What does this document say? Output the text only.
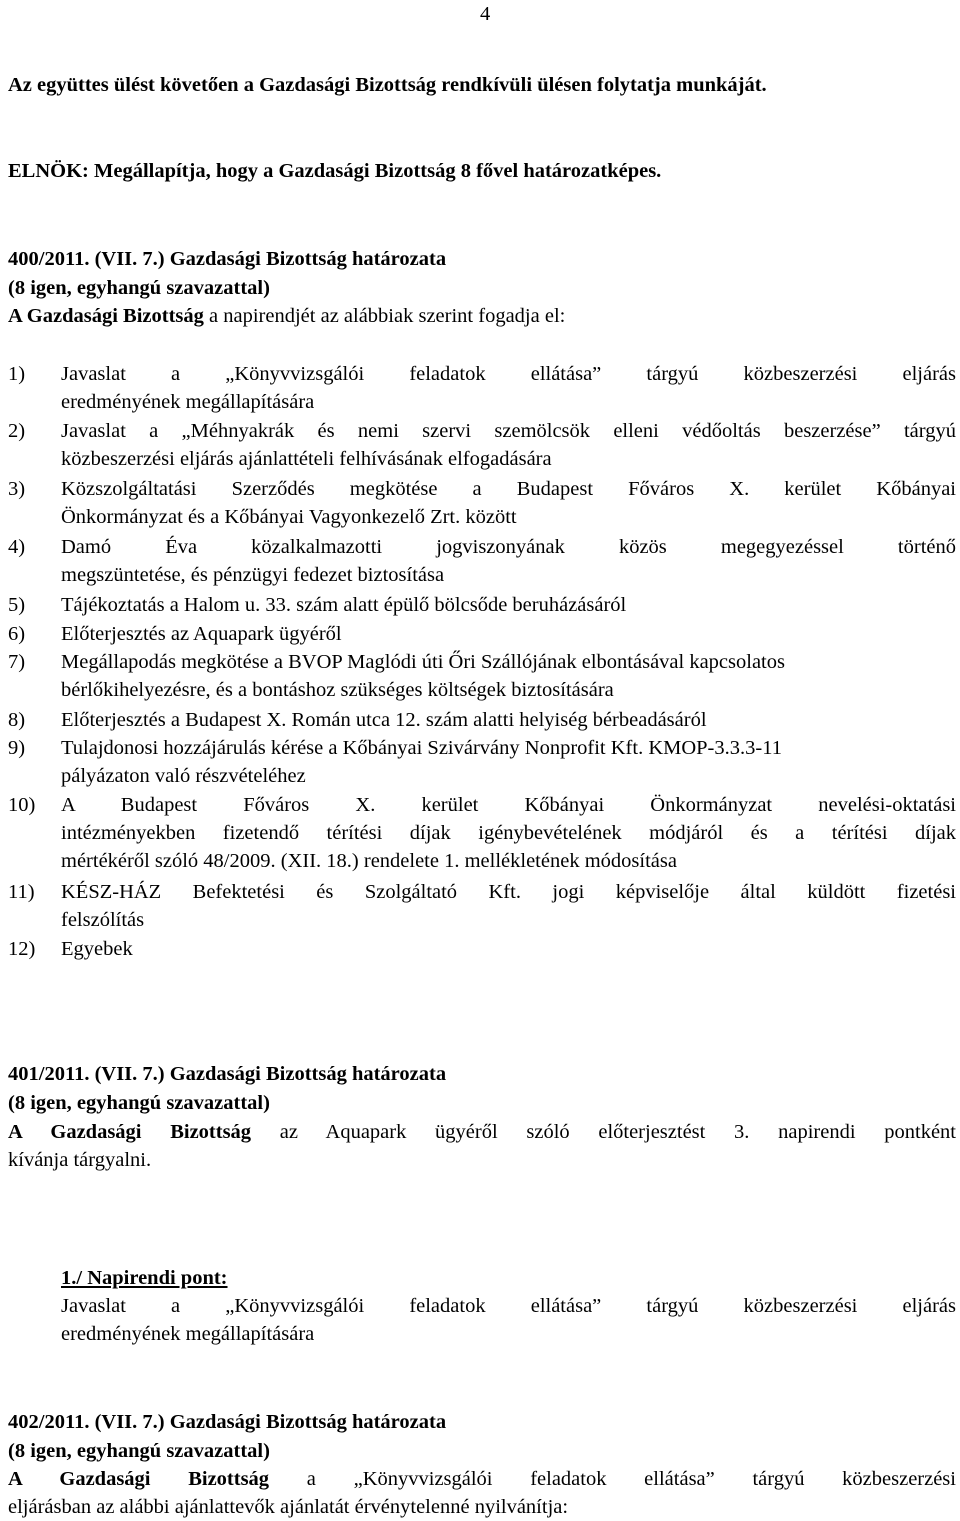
4
Az együttes ülést követően a Gazdasági Bizottság rendkívüli ülésen folytatja munkáját.
ELNÖK: Megállapítja, hogy a Gazdasági Bizottság 8 fővel határozatképes.
400/2011. (VII. 7.) Gazdasági Bizottság határozata
(8 igen, egyhangú szavazattal)
A Gazdasági Bizottság a napirendjét az alábbiak szerint fogadja el:
1) Javaslat a „Könyvvizsgálói feladatok ellátása” tárgyú közbeszerzési eljárás
eredményének megállapítására
2) Javaslat a „Méhnyakrák és nemi szervi szemölcsök elleni védőoltás beszerzése” tárgyú
közbeszerzési eljárás ajánlattételi felhívásának elfogadására
3) Közszolgáltatási Szerződés megkötése a Budapest Főváros X. kerület Kőbányai
Önkormányzat és a Kőbányai Vagyonkezelő Zrt. között
4) Damó Éva közalkalmazotti jogviszonyának közös megegyezéssel történő
megszüntetése, és pénzügyi fedezet biztosítása
5) Tájékoztatás a Halom u. 33. szám alatt épülő bölcsőde beruházásáról
6) Előterjesztés az Aquapark ügyéről
7) Megállapodás megkötése a BVOP Maglódi úti Őri Szállójának elbontásával kapcsolatos
bérlőkihelyezésre, és a bontáshoz szükséges költségek biztosítására
8) Előterjesztés a Budapest X. Román utca 12. szám alatti helyiség bérbeadásáról
9) Tulajdonosi hozzájárulás kérése a Kőbányai Szivárvány Nonprofit Kft. KMOP-3.3.3-11
pályázaton való részvételéhez
10) A Budapest Főváros X. kerület Kőbányai Önkormányzat nevelési-oktatási
intézményekben fizetendő térítési díjak igénybevételének módjáról és a térítési díjak
mértékéről szóló 48/2009. (XII. 18.) rendelete 1. mellékletének módosítása
11) KÉSZ-HÁZ Befektetési és Szolgáltató Kft. jogi képviselője által küldött fizetési
felszólítás
12) Egyebek
401/2011. (VII. 7.) Gazdasági Bizottság határozata
(8 igen, egyhangú szavazattal)
A Gazdasági Bizottság az Aquapark ügyéről szóló előterjesztést 3. napirendi pontként
kívánja tárgyalni.
1./ Napirendi pont:
Javaslat a „Könyvvizsgálói feladatok ellátása” tárgyú közbeszerzési eljárás
eredményének megállapítására
402/2011. (VII. 7.) Gazdasági Bizottság határozata
(8 igen, egyhangú szavazattal)
A Gazdasági Bizottság a „Könyvvizsgálói feladatok ellátása” tárgyú közbeszerzési
eljárásban az alábbi ajánlattevők ajánlatát érvénytelenné nyilvánítja:
